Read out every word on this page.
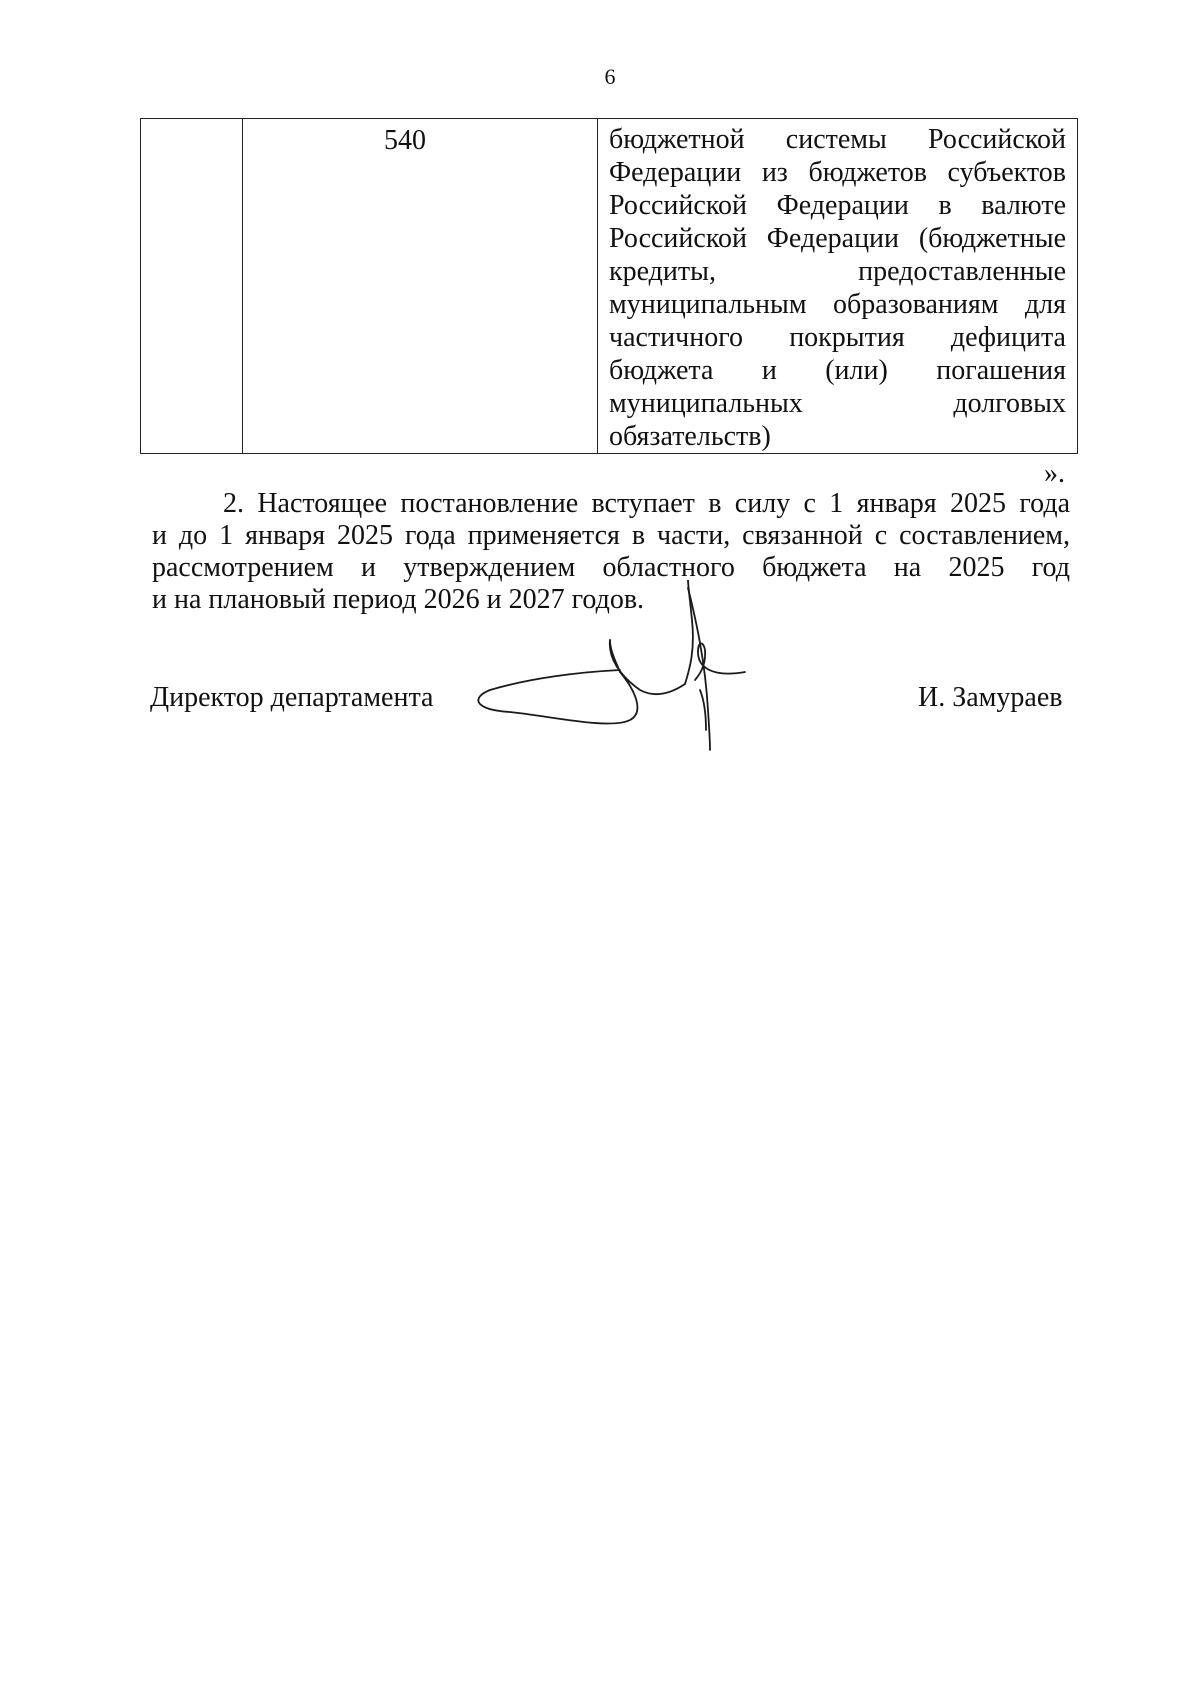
6

540	бюджетной системы Российской
Федерации из бюджетов субъектов
Российской Федерации в валюте
Российской Федерации (бюджетные
кредиты, предоставленные
муниципальным образованиям для
частичного покрытия дефицита
бюджета и (или) погашения
муниципальных долговых
обязательств)
».
2. Настоящее постановление вступает в силу с 1 января 2025 года
и до 1 января 2025 года применяется в части, связанной с составлением,
рассмотрением и утверждением областного бюджета на 2025 год
и на плановый период 2026 и 2027 годов.
Директор департамента	И. Замураев
